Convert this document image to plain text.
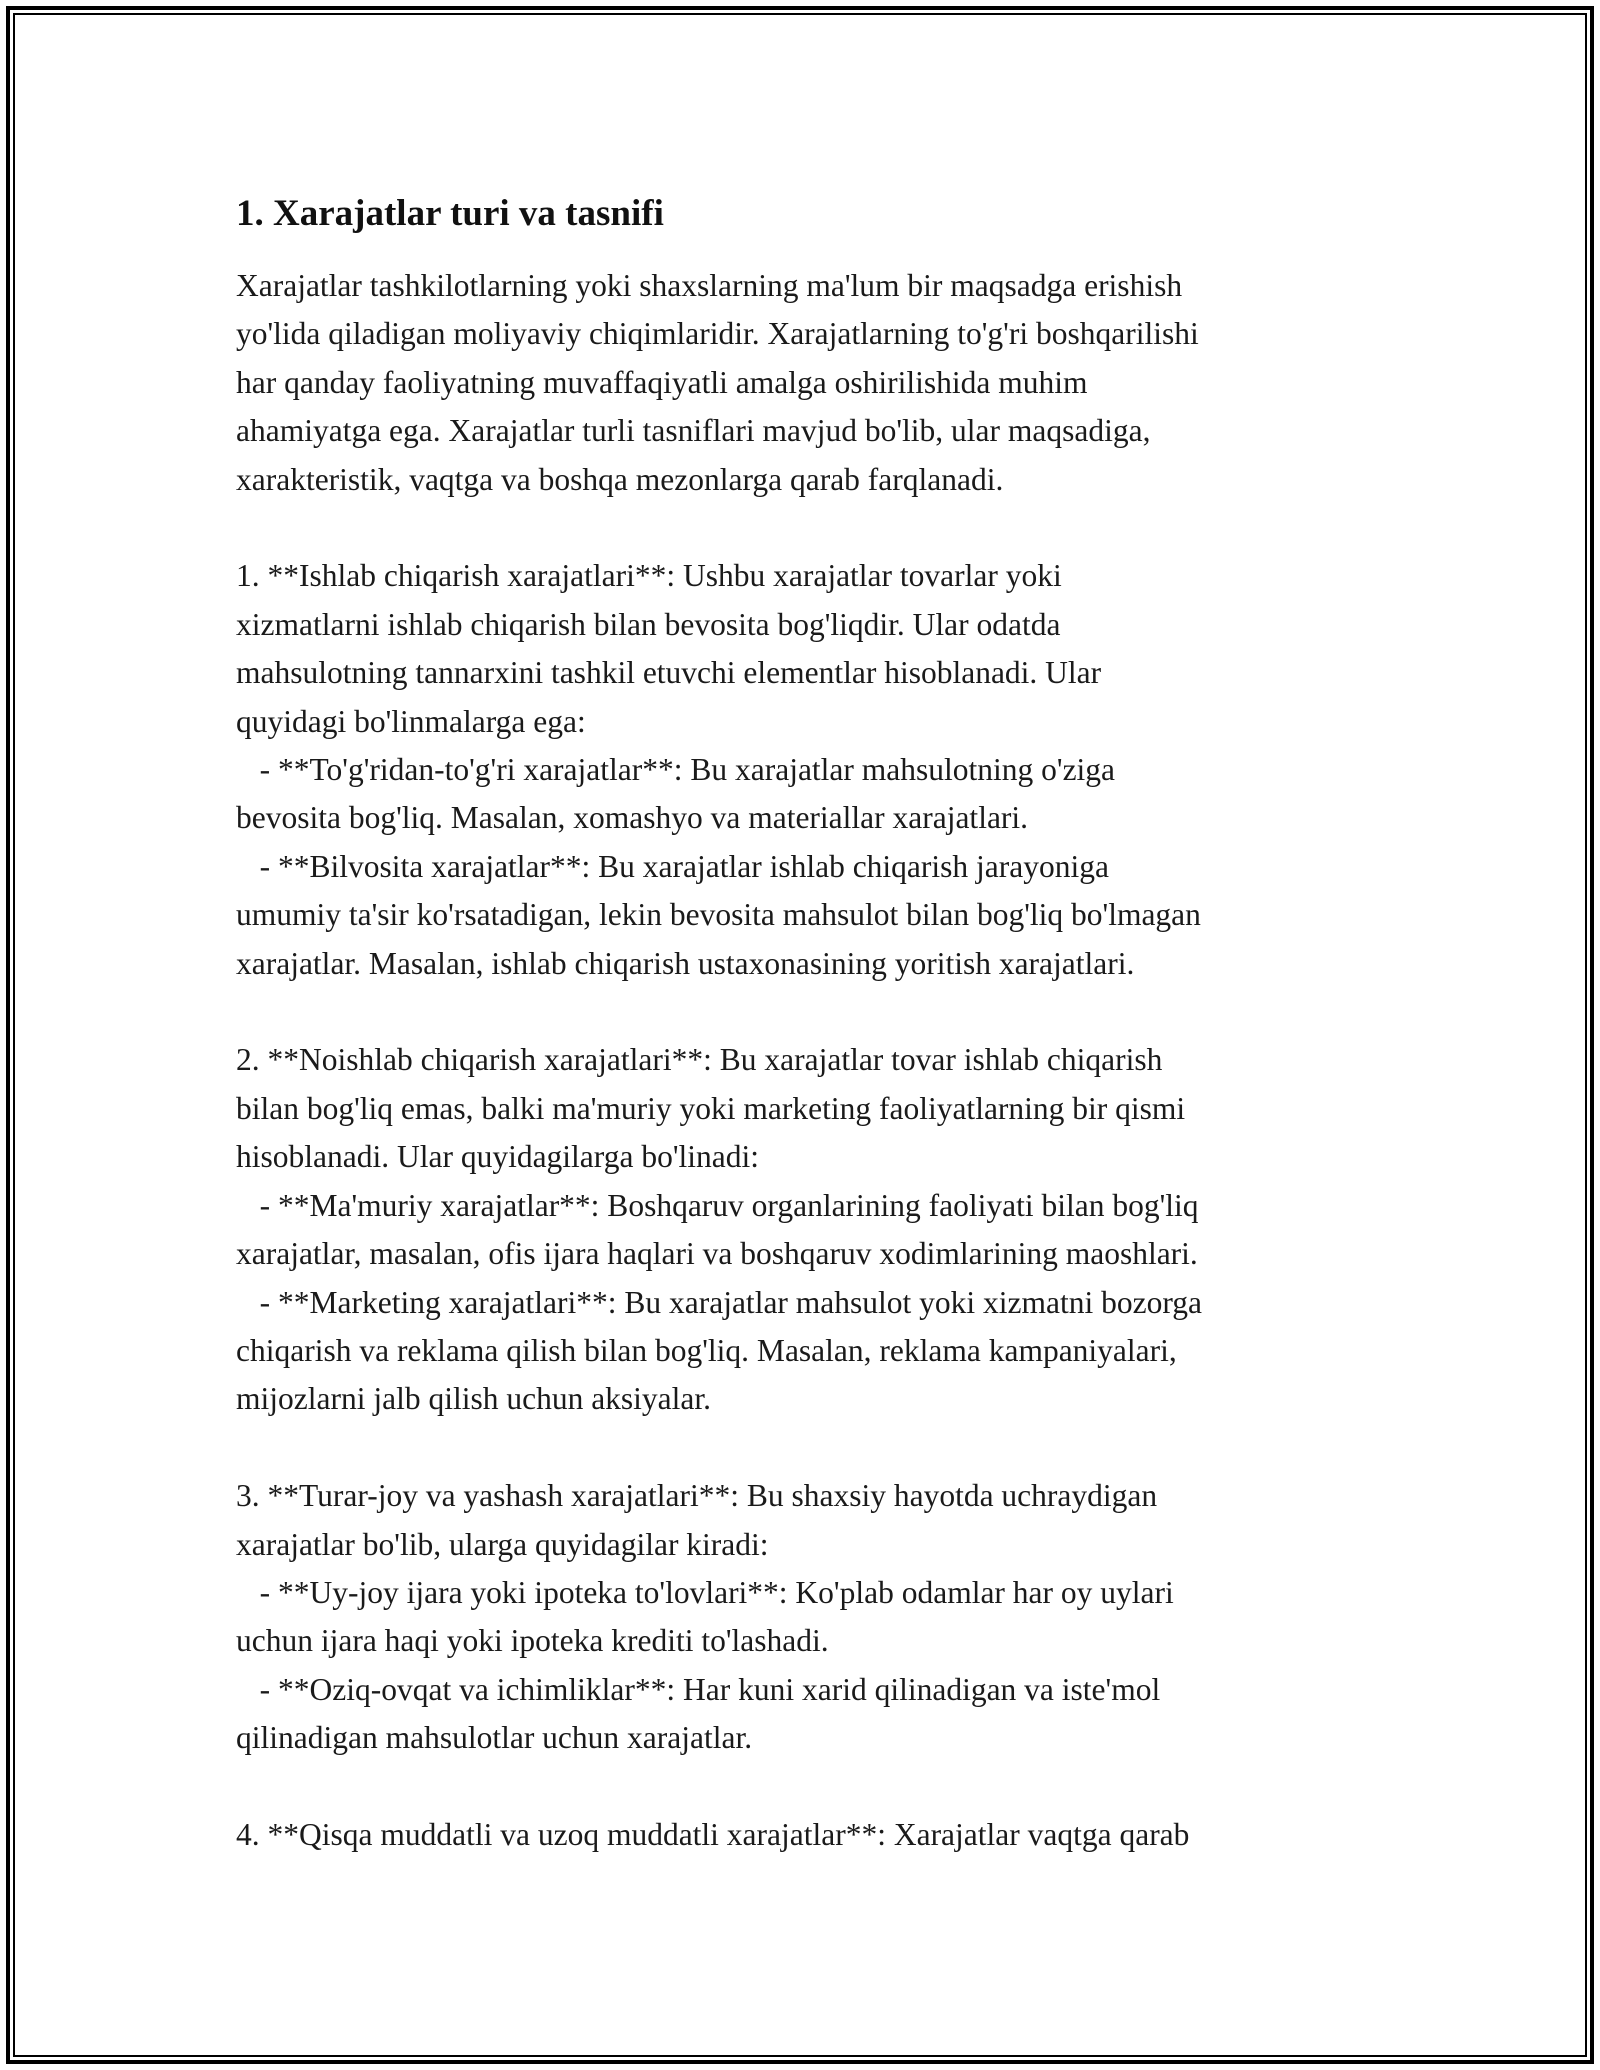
1. Xarajatlar turi va tasnifi
Xarajatlar tashkilotlarning yoki shaxslarning ma'lum bir maqsadga erishish
yo'lida qiladigan moliyaviy chiqimlaridir. Xarajatlarning to'g'ri boshqarilishi
har qanday faoliyatning muvaffaqiyatli amalga oshirilishida muhim
ahamiyatga ega. Xarajatlar turli tasniflari mavjud bo'lib, ular maqsadiga,
xarakteristik, vaqtga va boshqa mezonlarga qarab farqlanadi.
1. **Ishlab chiqarish xarajatlari**: Ushbu xarajatlar tovarlar yoki
xizmatlarni ishlab chiqarish bilan bevosita bog'liqdir. Ular odatda
mahsulotning tannarxini tashkil etuvchi elementlar hisoblanadi. Ular
quyidagi bo'linmalarga ega:
- **To'g'ridan-to'g'ri xarajatlar**: Bu xarajatlar mahsulotning o'ziga
bevosita bog'liq. Masalan, xomashyo va materiallar xarajatlari.
- **Bilvosita xarajatlar**: Bu xarajatlar ishlab chiqarish jarayoniga
umumiy ta'sir ko'rsatadigan, lekin bevosita mahsulot bilan bog'liq bo'lmagan
xarajatlar. Masalan, ishlab chiqarish ustaxonasining yoritish xarajatlari.
2. **Noishlab chiqarish xarajatlari**: Bu xarajatlar tovar ishlab chiqarish
bilan bog'liq emas, balki ma'muriy yoki marketing faoliyatlarning bir qismi
hisoblanadi. Ular quyidagilarga bo'linadi:
- **Ma'muriy xarajatlar**: Boshqaruv organlarining faoliyati bilan bog'liq
xarajatlar, masalan, ofis ijara haqlari va boshqaruv xodimlarining maoshlari.
- **Marketing xarajatlari**: Bu xarajatlar mahsulot yoki xizmatni bozorga
chiqarish va reklama qilish bilan bog'liq. Masalan, reklama kampaniyalari,
mijozlarni jalb qilish uchun aksiyalar.
3. **Turar-joy va yashash xarajatlari**: Bu shaxsiy hayotda uchraydigan
xarajatlar bo'lib, ularga quyidagilar kiradi:
- **Uy-joy ijara yoki ipoteka to'lovlari**: Ko'plab odamlar har oy uylari
uchun ijara haqi yoki ipoteka krediti to'lashadi.
- **Oziq-ovqat va ichimliklar**: Har kuni xarid qilinadigan va iste'mol
qilinadigan mahsulotlar uchun xarajatlar.
4. **Qisqa muddatli va uzoq muddatli xarajatlar**: Xarajatlar vaqtga qarab
